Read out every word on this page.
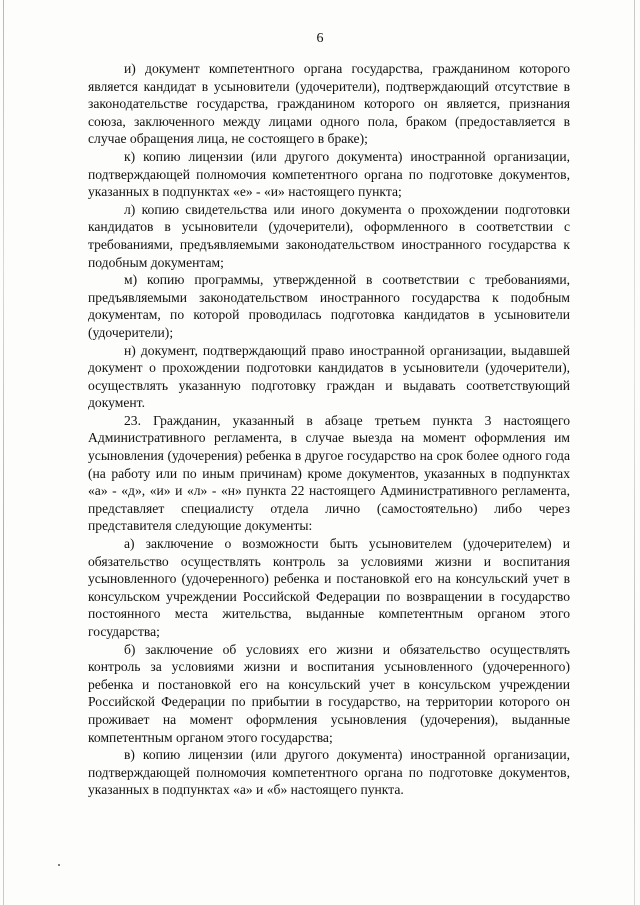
6

и) документ компетентного органа государства, гражданином которого является кандидат в усыновители (удочерители), подтверждающий отсутствие в законодательстве государства, гражданином которого он является, признания союза, заключенного между лицами одного пола, браком (предоставляется в случае обращения лица, не состоящего в браке);

к) копию лицензии (или другого документа) иностранной организации, подтверждающей полномочия компетентного органа по подготовке документов, указанных в подпунктах «е» - «и» настоящего пункта;

л) копию свидетельства или иного документа о прохождении подготовки кандидатов в усыновители (удочерители), оформленного в соответствии с требованиями, предъявляемыми законодательством иностранного государства к подобным документам;

м) копию программы, утвержденной в соответствии с требованиями, предъявляемыми законодательством иностранного государства к подобным документам, по которой проводилась подготовка кандидатов в усыновители (удочерители);

н) документ, подтверждающий право иностранной организации, выдавшей документ о прохождении подготовки кандидатов в усыновители (удочерители), осуществлять указанную подготовку граждан и выдавать соответствующий документ.

23. Гражданин, указанный в абзаце третьем пункта 3 настоящего Административного регламента, в случае выезда на момент оформления им усыновления (удочерения) ребенка в другое государство на срок более одного года (на работу или по иным причинам) кроме документов, указанных в подпунктах «а» - «д», «и» и «л» - «н» пункта 22 настоящего Административного регламента, представляет специалисту отдела лично (самостоятельно) либо через представителя следующие документы:

а) заключение о возможности быть усыновителем (удочерителем) и обязательство осуществлять контроль за условиями жизни и воспитания усыновленного (удочеренного) ребенка и постановкой его на консульский учет в консульском учреждении Российской Федерации по возвращении в государство постоянного места жительства, выданные компетентным органом этого государства;

б) заключение об условиях его жизни и обязательство осуществлять контроль за условиями жизни и воспитания усыновленного (удочеренного) ребенка и постановкой его на консульский учет в консульском учреждении Российской Федерации по прибытии в государство, на территории которого он проживает на момент оформления усыновления (удочерения), выданные компетентным органом этого государства;

в) копию лицензии (или другого документа) иностранной организации, подтверждающей полномочия компетентного органа по подготовке документов, указанных в подпунктах «а» и «б» настоящего пункта.
